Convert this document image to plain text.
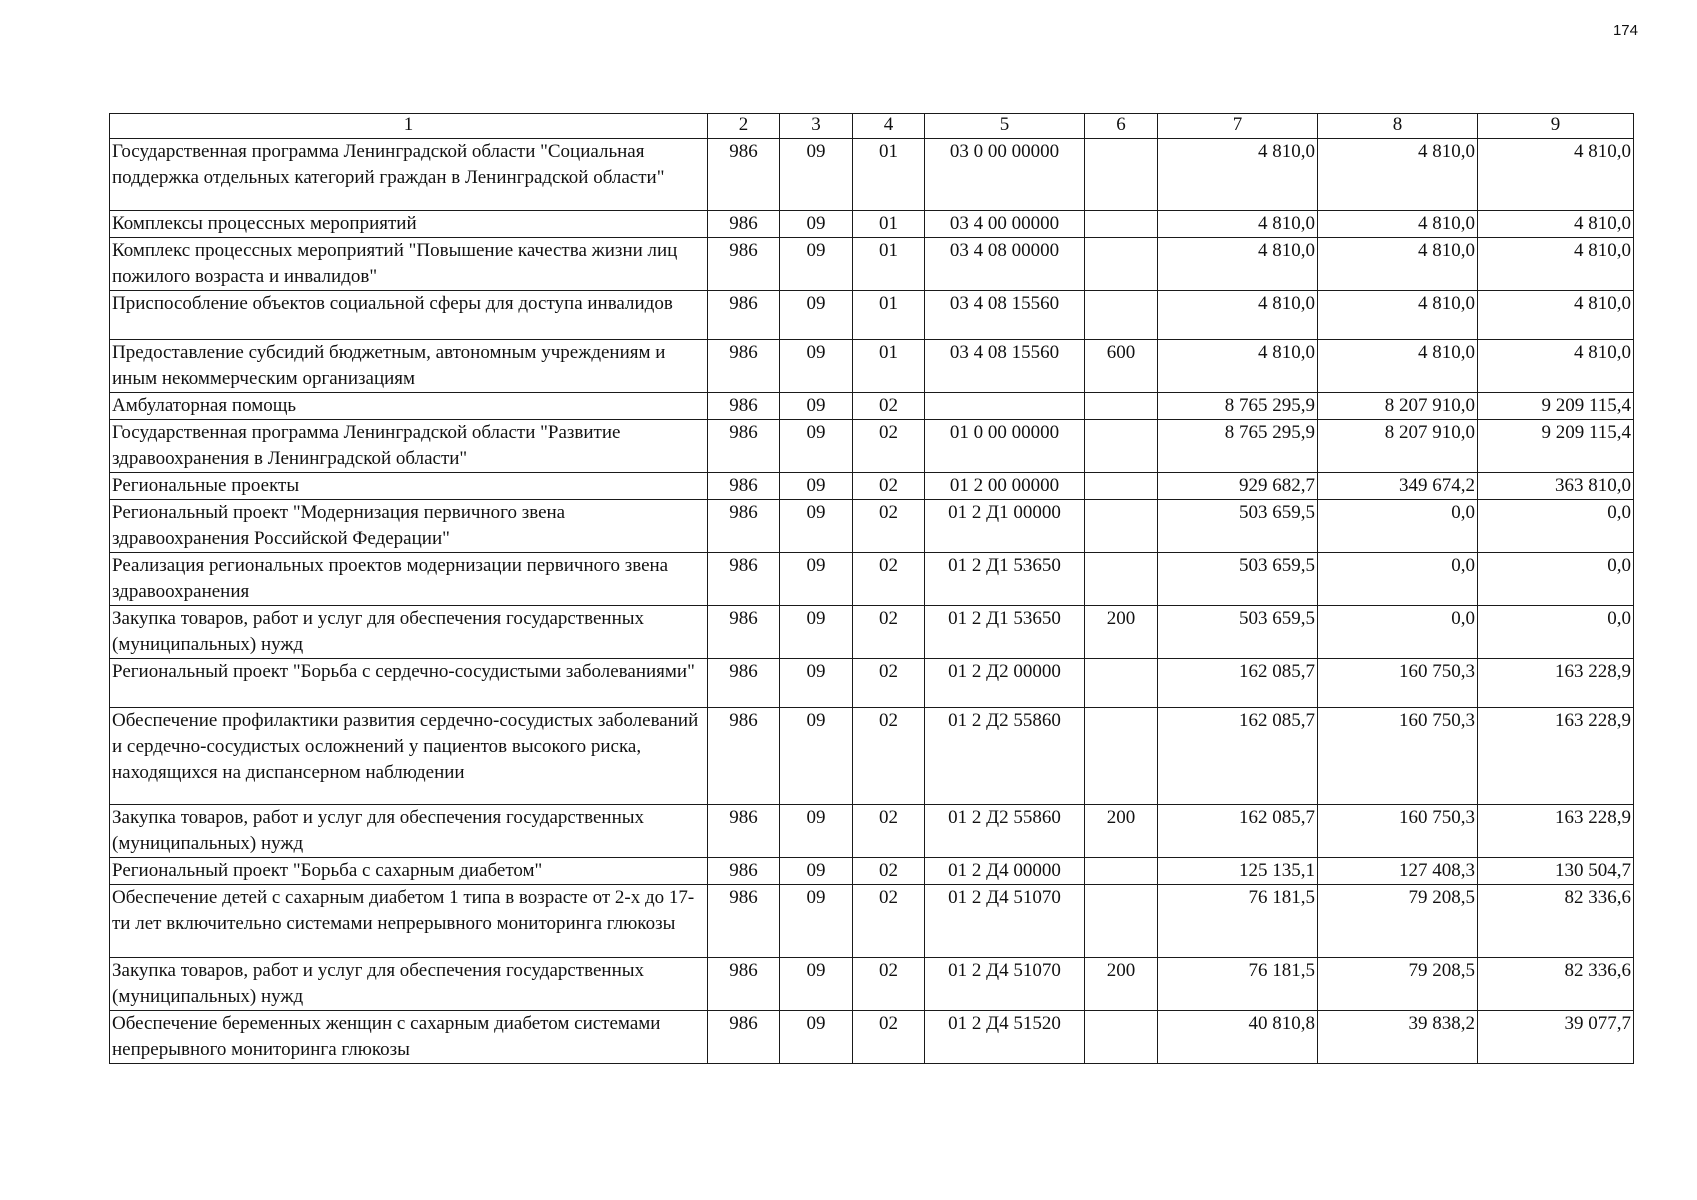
174
1	2	3	4	5	6	7	8	9
Государственная программа Ленинградской области "Социальная поддержка отдельных категорий граждан в Ленинградской области"	986	09	01	03 0 00 00000		4 810,0	4 810,0	4 810,0
Комплексы процессных мероприятий	986	09	01	03 4 00 00000		4 810,0	4 810,0	4 810,0
Комплекс процессных мероприятий "Повышение качества жизни лиц пожилого возраста и инвалидов"	986	09	01	03 4 08 00000		4 810,0	4 810,0	4 810,0
Приспособление объектов социальной сферы для доступа инвалидов	986	09	01	03 4 08 15560		4 810,0	4 810,0	4 810,0
Предоставление субсидий бюджетным, автономным учреждениям и иным некоммерческим организациям	986	09	01	03 4 08 15560	600	4 810,0	4 810,0	4 810,0
Амбулаторная помощь	986	09	02			8 765 295,9	8 207 910,0	9 209 115,4
Государственная программа Ленинградской области "Развитие здравоохранения в Ленинградской области"	986	09	02	01 0 00 00000		8 765 295,9	8 207 910,0	9 209 115,4
Региональные проекты	986	09	02	01 2 00 00000		929 682,7	349 674,2	363 810,0
Региональный проект "Модернизация первичного звена здравоохранения Российской Федерации"	986	09	02	01 2 Д1 00000		503 659,5	0,0	0,0
Реализация региональных проектов модернизации первичного звена здравоохранения	986	09	02	01 2 Д1 53650		503 659,5	0,0	0,0
Закупка товаров, работ и услуг для обеспечения государственных (муниципальных) нужд	986	09	02	01 2 Д1 53650	200	503 659,5	0,0	0,0
Региональный проект "Борьба с сердечно-сосудистыми заболеваниями"	986	09	02	01 2 Д2 00000		162 085,7	160 750,3	163 228,9
Обеспечение профилактики развития сердечно-сосудистых заболеваний и сердечно-сосудистых осложнений у пациентов высокого риска, находящихся на диспансерном наблюдении	986	09	02	01 2 Д2 55860		162 085,7	160 750,3	163 228,9
Закупка товаров, работ и услуг для обеспечения государственных (муниципальных) нужд	986	09	02	01 2 Д2 55860	200	162 085,7	160 750,3	163 228,9
Региональный проект "Борьба с сахарным диабетом"	986	09	02	01 2 Д4 00000		125 135,1	127 408,3	130 504,7
Обеспечение детей с сахарным диабетом 1 типа в возрасте от 2-х до 17-ти лет включительно системами непрерывного мониторинга глюкозы	986	09	02	01 2 Д4 51070		76 181,5	79 208,5	82 336,6
Закупка товаров, работ и услуг для обеспечения государственных (муниципальных) нужд	986	09	02	01 2 Д4 51070	200	76 181,5	79 208,5	82 336,6
Обеспечение беременных женщин с сахарным диабетом системами непрерывного мониторинга глюкозы	986	09	02	01 2 Д4 51520		40 810,8	39 838,2	39 077,7
